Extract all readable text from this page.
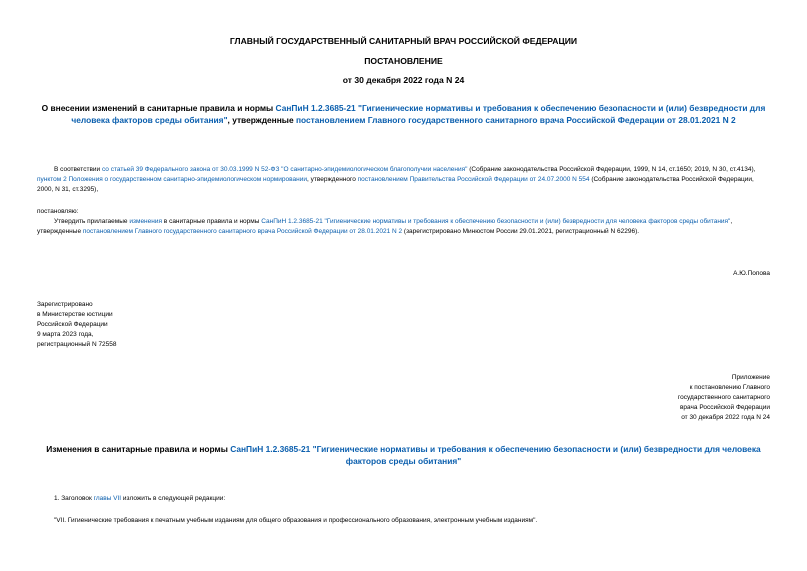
ГЛАВНЫЙ ГОСУДАРСТВЕННЫЙ САНИТАРНЫЙ ВРАЧ РОССИЙСКОЙ ФЕДЕРАЦИИ
ПОСТАНОВЛЕНИЕ
от 30 декабря 2022 года N 24
О внесении изменений в санитарные правила и нормы СанПиН 1.2.3685-21 "Гигиенические нормативы и требования к обеспечению безопасности и (или) безвредности для человека факторов среды обитания", утвержденные постановлением Главного государственного санитарного врача Российской Федерации от 28.01.2021 N 2
В соответствии со статьей 39 Федерального закона от 30.03.1999 N 52-ФЗ "О санитарно-эпидемиологическом благополучии населения" (Собрание законодательства Российской Федерации, 1999, N 14, ст.1650; 2019, N 30, ст.4134), пунктом 2 Положения о государственном санитарно-эпидемиологическом нормировании, утвержденного постановлением Правительства Российской Федерации от 24.07.2000 N 554 (Собрание законодательства Российской Федерации, 2000, N 31, ст.3295),
постановляю:
Утвердить прилагаемые изменения в санитарные правила и нормы СанПиН 1.2.3685-21 "Гигиенические нормативы и требования к обеспечению безопасности и (или) безвредности для человека факторов среды обитания", утвержденные постановлением Главного государственного санитарного врача Российской Федерации от 28.01.2021 N 2 (зарегистрировано Минюстом России 29.01.2021, регистрационный N 62296).
А.Ю.Попова
Зарегистрировано
в Министерстве юстиции
Российской Федерации
9 марта 2023 года,
регистрационный N 72558
Приложение
к постановлению Главного
государственного санитарного
врача Российской Федерации
от 30 декабря 2022 года N 24
Изменения в санитарные правила и нормы СанПиН 1.2.3685-21 "Гигиенические нормативы и требования к обеспечению безопасности и (или) безвредности для человека факторов среды обитания"
1. Заголовок главы VII изложить в следующей редакции:
"VII. Гигиенические требования к печатным учебным изданиям для общего образования и профессионального образования, электронным учебным изданиям".
